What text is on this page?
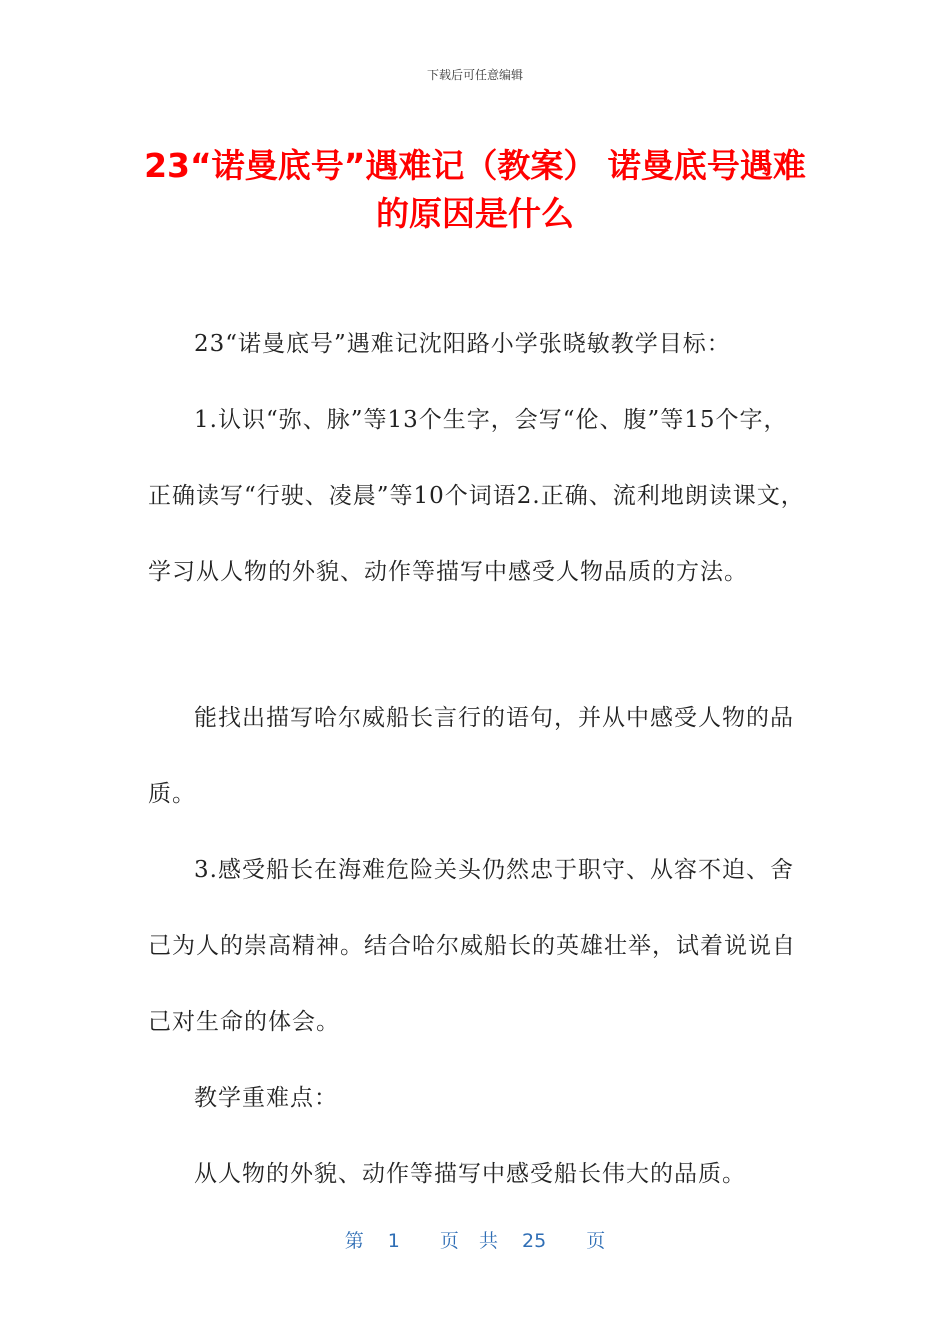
下载后可任意编辑
23“诺曼底号”遇难记（教案） 诺曼底号遇难的原因是什么

23“诺曼底号”遇难记沈阳路小学张晓敏教学目标：

1.认识“弥、脉”等13个生字，会写“伦、腹”等15个字，正确读写“行驶、凌晨”等10个词语2.正确、流利地朗读课文，学习从人物的外貌、动作等描写中感受人物品质的方法。

能找出描写哈尔威船长言行的语句，并从中感受人物的品质。

3.感受船长在海难危险关头仍然忠于职守、从容不迫、舍己为人的崇高精神。结合哈尔威船长的英雄壮举，试着说说自己对生命的体会。

教学重难点：

从人物的外貌、动作等描写中感受船长伟大的品质。

第 1 页 共 25 页
